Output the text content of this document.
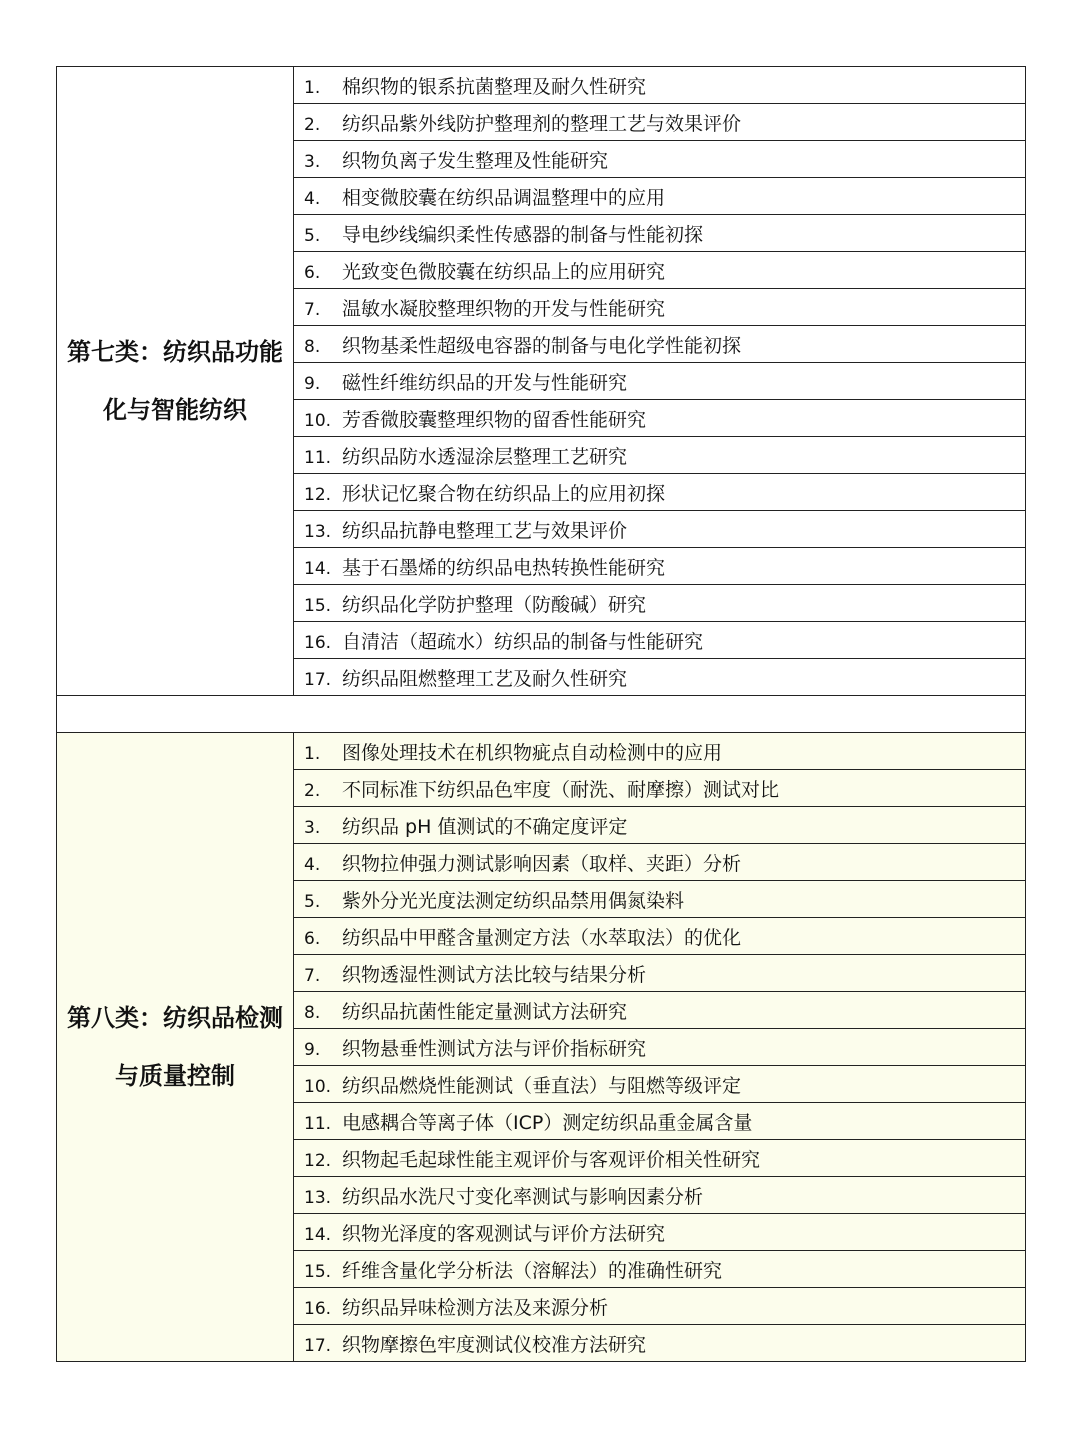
第七类：纺织品功能
化与智能纺织	1. 棉织物的银系抗菌整理及耐久性研究
	2. 纺织品紫外线防护整理剂的整理工艺与效果评价
	3. 织物负离子发生整理及性能研究
	4. 相变微胶囊在纺织品调温整理中的应用
	5. 导电纱线编织柔性传感器的制备与性能初探
	6. 光致变色微胶囊在纺织品上的应用研究
	7. 温敏水凝胶整理织物的开发与性能研究
	8. 织物基柔性超级电容器的制备与电化学性能初探
	9. 磁性纤维纺织品的开发与性能研究
	10. 芳香微胶囊整理织物的留香性能研究
	11. 纺织品防水透湿涂层整理工艺研究
	12. 形状记忆聚合物在纺织品上的应用初探
	13. 纺织品抗静电整理工艺与效果评价
	14. 基于石墨烯的纺织品电热转换性能研究
	15. 纺织品化学防护整理（防酸碱）研究
	16. 自清洁（超疏水）纺织品的制备与性能研究
	17. 纺织品阻燃整理工艺及耐久性研究

第八类：纺织品检测
与质量控制	1. 图像处理技术在机织物疵点自动检测中的应用
	2. 不同标准下纺织品色牢度（耐洗、耐摩擦）测试对比
	3. 纺织品 pH 值测试的不确定度评定
	4. 织物拉伸强力测试影响因素（取样、夹距）分析
	5. 紫外分光光度法测定纺织品禁用偶氮染料
	6. 纺织品中甲醛含量测定方法（水萃取法）的优化
	7. 织物透湿性测试方法比较与结果分析
	8. 纺织品抗菌性能定量测试方法研究
	9. 织物悬垂性测试方法与评价指标研究
	10. 纺织品燃烧性能测试（垂直法）与阻燃等级评定
	11. 电感耦合等离子体（ICP）测定纺织品重金属含量
	12. 织物起毛起球性能主观评价与客观评价相关性研究
	13. 纺织品水洗尺寸变化率测试与影响因素分析
	14. 织物光泽度的客观测试与评价方法研究
	15. 纤维含量化学分析法（溶解法）的准确性研究
	16. 纺织品异味检测方法及来源分析
	17. 织物摩擦色牢度测试仪校准方法研究
